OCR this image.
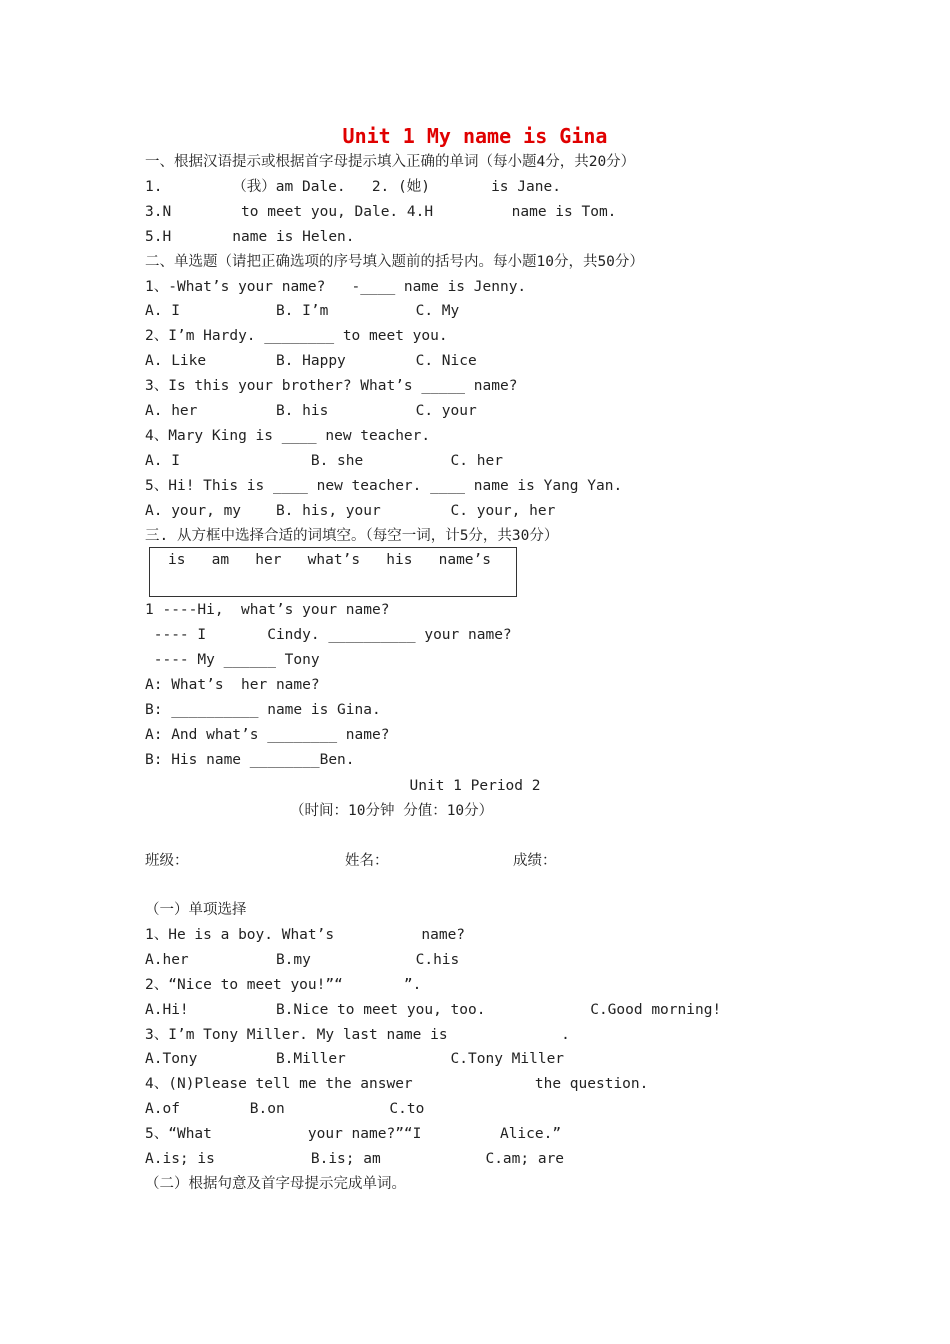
Unit 1 My name is Gina
一、根据汉语提示或根据首字母提示填入正确的单词（每小题4分，共20分）
1.        （我）am Dale.   2. (她)       is Jane.
3.N        to meet you, Dale. 4.H         name is Tom.
5.H       name is Helen.
二、单选题（请把正确选项的序号填入题前的括号内。每小题10分，共50分）
1、-What’s your name?   -____ name is Jenny.
A. I           B. I’m          C. My
2、I’m Hardy. ________ to meet you.
A. Like        B. Happy        C. Nice
3、Is this your brother? What’s _____ name?
A. her         B. his          C. your
4、Mary King is ____ new teacher.
A. I               B. she          C. her
5、Hi! This is ____ new teacher. ____ name is Yang Yan.
A. your, my    B. his, your        C. your, her
三. 从方框中选择合适的词填空。（每空一词，计5分，共30分）
1 ----Hi,  what’s your name?
---- I       Cindy. __________ your name?
---- My ______ Tony
A: What’s  her name?
B: __________ name is Gina.
A: And what’s ________ name?
B: His name ________Ben.
is   am   her   what’s   his   name’s
Unit 1 Period 2
（时间：10分钟 分值：10分）
班级：	姓名：	成绩：
（一）单项选择
1、He is a boy. What’s          name?
A.her          B.my            C.his
2、“Nice to meet you!”“       ”.
A.Hi!          B.Nice to meet you, too.            C.Good morning!
3、I’m Tony Miller. My last name is             .
A.Tony         B.Miller            C.Tony Miller
4、(N)Please tell me the answer              the question.
A.of        B.on            C.to
5、“What           your name?”“I         Alice.”
A.is; is           B.is; am            C.am; are
（二）根据句意及首字母提示完成单词。
